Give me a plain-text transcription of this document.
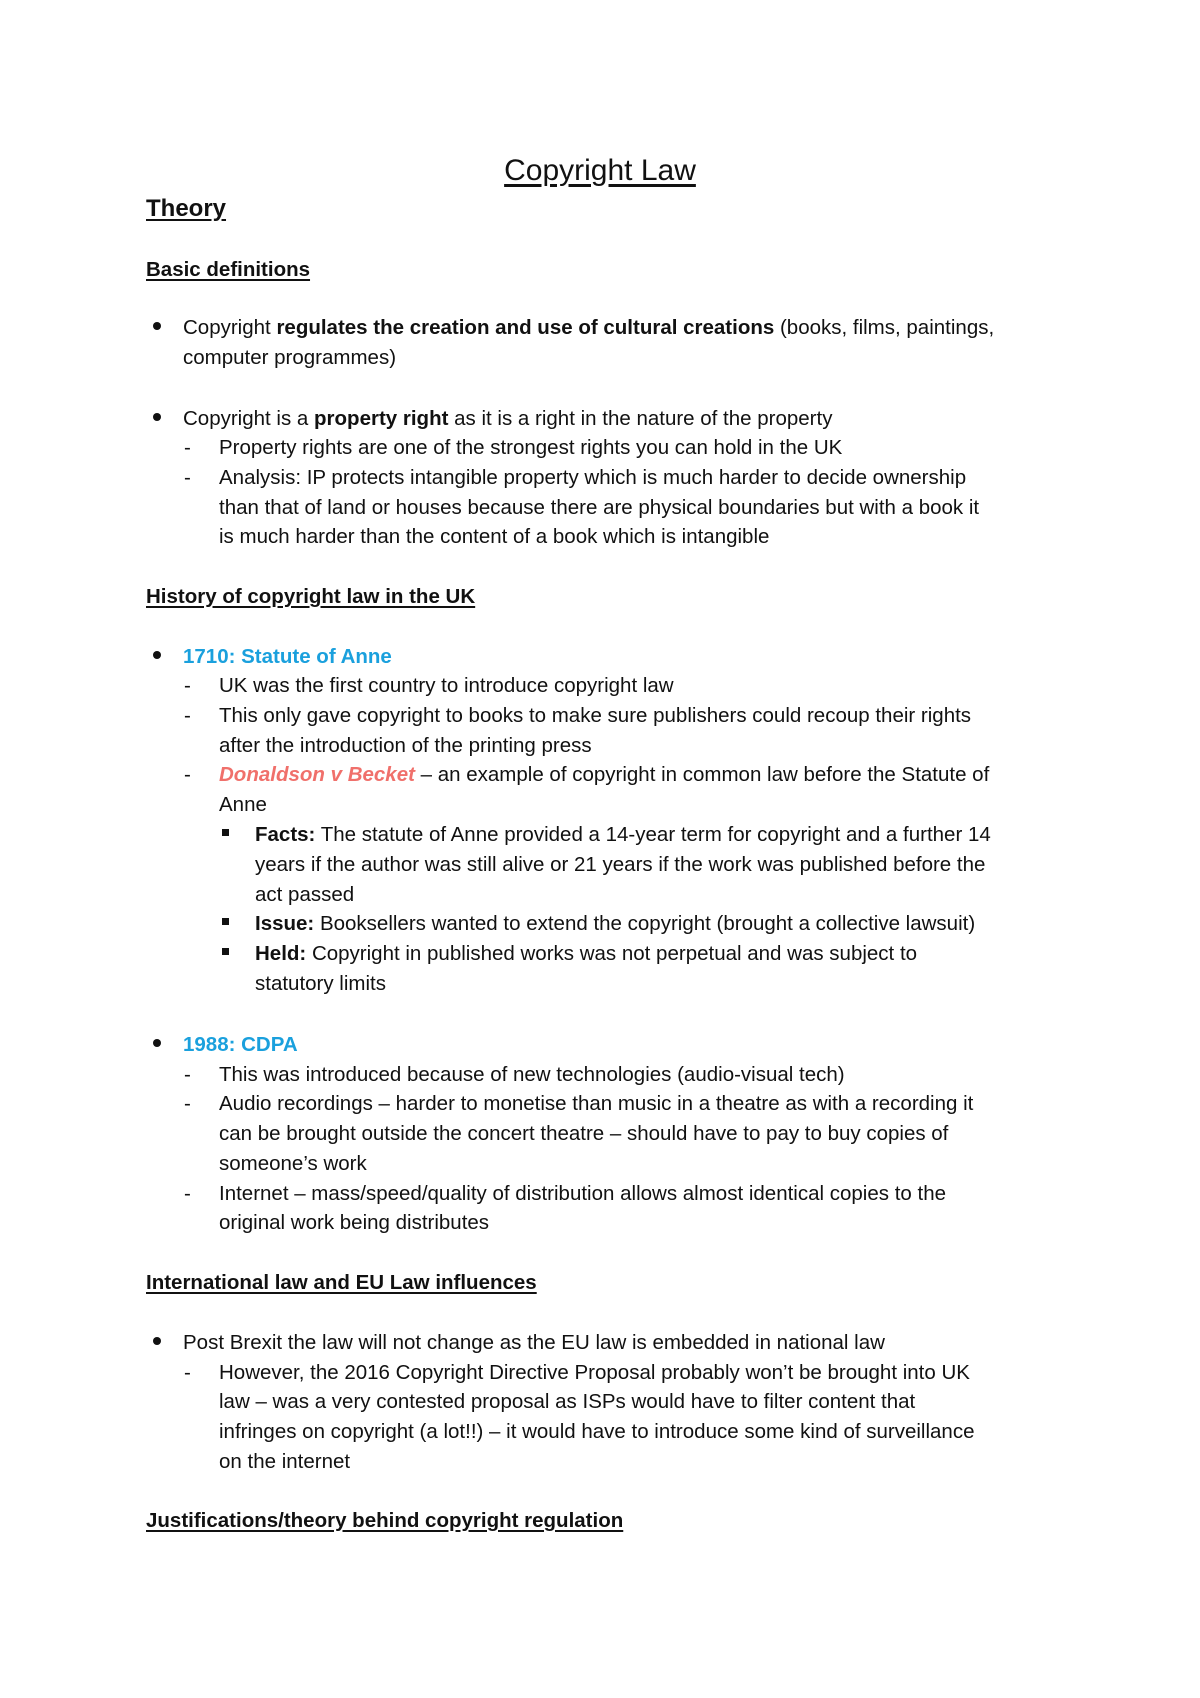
Copyright Law
Theory
Basic definitions
Copyright regulates the creation and use of cultural creations (books, films, paintings,
computer programmes)
Copyright is a property right as it is a right in the nature of the property
- Property rights are one of the strongest rights you can hold in the UK
- Analysis: IP protects intangible property which is much harder to decide ownership
than that of land or houses because there are physical boundaries but with a book it
is much harder than the content of a book which is intangible
History of copyright law in the UK
1710: Statute of Anne
- UK was the first country to introduce copyright law
- This only gave copyright to books to make sure publishers could recoup their rights
after the introduction of the printing press
- Donaldson v Becket – an example of copyright in common law before the Statute of
Anne
Facts: The statute of Anne provided a 14-year term for copyright and a further 14
years if the author was still alive or 21 years if the work was published before the
act passed
Issue: Booksellers wanted to extend the copyright (brought a collective lawsuit)
Held: Copyright in published works was not perpetual and was subject to
statutory limits
1988: CDPA
- This was introduced because of new technologies (audio-visual tech)
- Audio recordings – harder to monetise than music in a theatre as with a recording it
can be brought outside the concert theatre – should have to pay to buy copies of
someone’s work
- Internet – mass/speed/quality of distribution allows almost identical copies to the
original work being distributes
International law and EU Law influences
Post Brexit the law will not change as the EU law is embedded in national law
- However, the 2016 Copyright Directive Proposal probably won’t be brought into UK
law – was a very contested proposal as ISPs would have to filter content that
infringes on copyright (a lot!!) – it would have to introduce some kind of surveillance
on the internet
Justifications/theory behind copyright regulation
